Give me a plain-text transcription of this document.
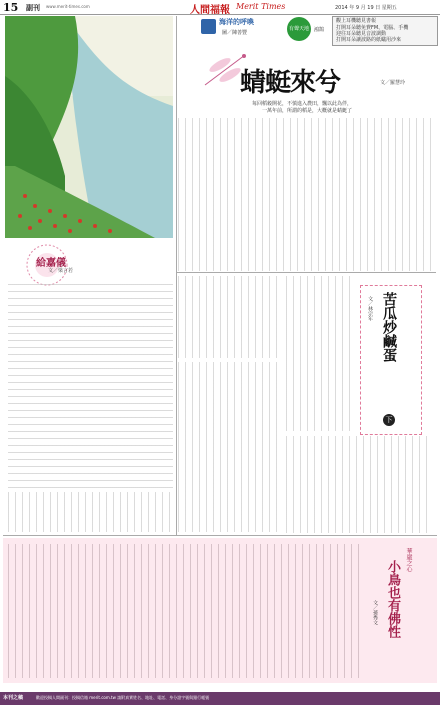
15 副刊 www.merit-times.com	人間福報 Merit Times	2014 年 9 月 19 日 星期五
海洋的呼喚
圖／陳善豐
有聲天地	鴻鵠
觀上耳機聽見書報
打開耳朵聽免費FM、電腦、手機
迎往耳朵聽見音波調動
打開耳朵讓波路的紙蟻用沙來
蜻蜓來兮	文／羅慧玲
每回稻穀開花，不慎進入農田，飄以此為伴，
一萬年前，所謂的稻是，大概就是蜻蜓了
給嘉儀
文／梁言若
苦瓜炒鹹蛋
下
文／林宗年
華嚴之心
小鳥也有佛性
文／孫秀文
本刊之稿	歡迎投稿人間副刊：投稿信箱 merit.com.tw 請附真實姓名、地址、電話、身分證字號與銀行帳號
